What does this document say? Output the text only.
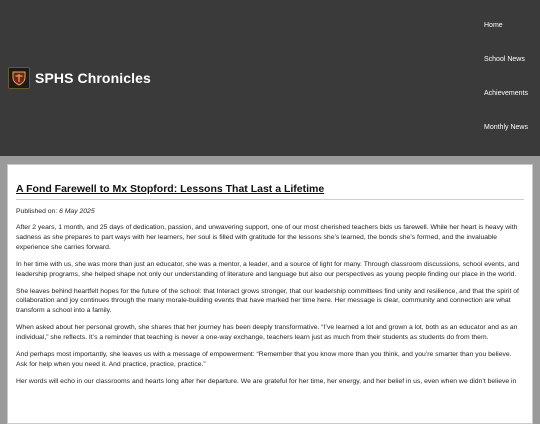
SPHS Chronicles
Home
School News
Achievements
Monthly News
A Fond Farewell to Mx Stopford: Lessons That Last a Lifetime

Published on: 6 May 2025

After 2 years, 1 month, and 25 days of dedication, passion, and unwavering support, one of our most cherished teachers bids us farewell. While her heart is heavy with sadness as she prepares to part ways with her learners, her soul is filled with gratitude for the lessons she’s learned, the bonds she’s formed, and the invaluable experience she carries forward.

In her time with us, she was more than just an educator, she was a mentor, a leader, and a source of light for many. Through classroom discussions, school events, and leadership programs, she helped shape not only our understanding of literature and language but also our perspectives as young people finding our place in the world.

She leaves behind heartfelt hopes for the future of the school: that Interact grows stronger, that our leadership committees find unity and resilience, and that the spirit of collaboration and joy continues through the many morale-building events that have marked her time here. Her message is clear, community and connection are what transform a school into a family.

When asked about her personal growth, she shares that her journey has been deeply transformative. “I’ve learned a lot and grown a lot, both as an educator and as an individual,” she reflects. It’s a reminder that teaching is never a one-way exchange, teachers learn just as much from their students as students do from them.

And perhaps most importantly, she leaves us with a message of empowerment: “Remember that you know more than you think, and you’re smarter than you believe. Ask for help when you need it. And practice, practice, practice.”

Her words will echo in our classrooms and hearts long after her departure. We are grateful for her time, her energy, and her belief in us, even when we didn’t believe in
